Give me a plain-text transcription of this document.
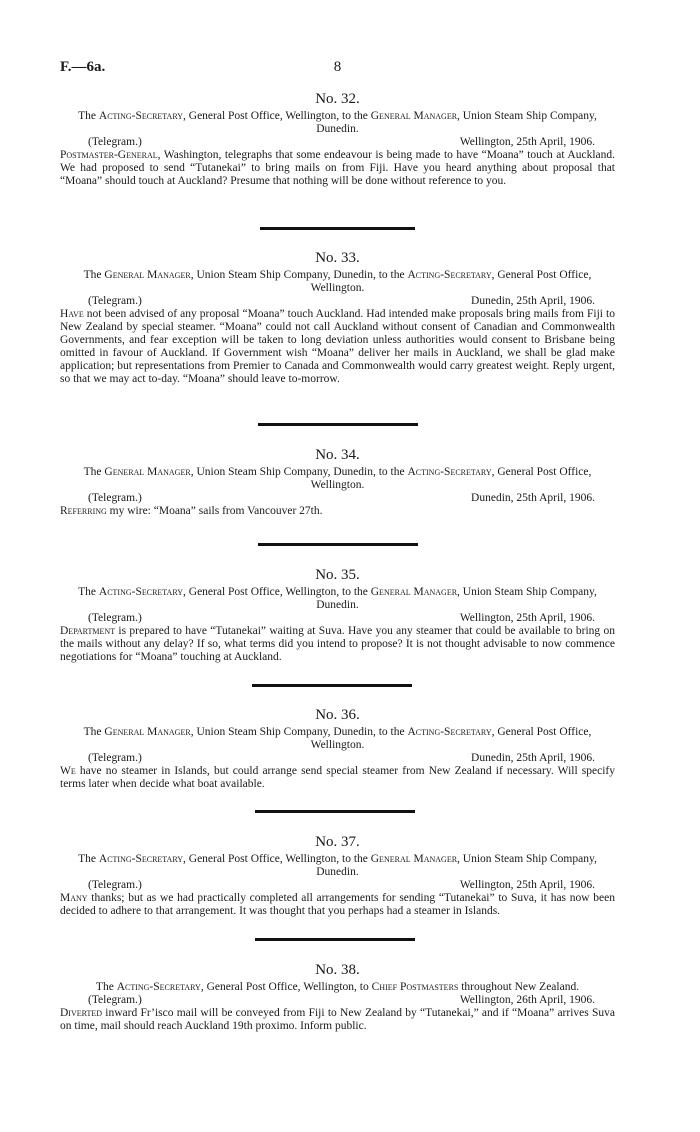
F.—6a.	8
No. 32.
The Acting-Secretary, General Post Office, Wellington, to the General Manager, Union Steam Ship Company, Dunedin.
(Telegram.)	Wellington, 25th April, 1906.
Postmaster-General, Washington, telegraphs that some endeavour is being made to have “Moana” touch at Auckland. We had proposed to send “Tutanekai” to bring mails on from Fiji. Have you heard anything about proposal that “Moana” should touch at Auckland? Presume that nothing will be done without reference to you.
No. 33.
The General Manager, Union Steam Ship Company, Dunedin, to the Acting-Secretary, General Post Office, Wellington.
(Telegram.)	Dunedin, 25th April, 1906.
Have not been advised of any proposal “Moana” touch Auckland. Had intended make proposals bring mails from Fiji to New Zealand by special steamer. “Moana” could not call Auckland without consent of Canadian and Commonwealth Governments, and fear exception will be taken to long deviation unless authorities would consent to Brisbane being omitted in favour of Auckland. If Government wish “Moana” deliver her mails in Auckland, we shall be glad make application; but representations from Premier to Canada and Commonwealth would carry greatest weight. Reply urgent, so that we may act to-day. “Moana” should leave to-morrow.
No. 34.
The General Manager, Union Steam Ship Company, Dunedin, to the Acting-Secretary, General Post Office, Wellington.
(Telegram.)	Dunedin, 25th April, 1906.
Referring my wire: “Moana” sails from Vancouver 27th.
No. 35.
The Acting-Secretary, General Post Office, Wellington, to the General Manager, Union Steam Ship Company, Dunedin.
(Telegram.)	Wellington, 25th April, 1906.
Department is prepared to have “Tutanekai” waiting at Suva. Have you any steamer that could be available to bring on the mails without any delay? If so, what terms did you intend to propose? It is not thought advisable to now commence negotiations for “Moana” touching at Auckland.
No. 36.
The General Manager, Union Steam Ship Company, Dunedin, to the Acting-Secretary, General Post Office, Wellington.
(Telegram.)	Dunedin, 25th April, 1906.
We have no steamer in Islands, but could arrange send special steamer from New Zealand if necessary. Will specify terms later when decide what boat available.
No. 37.
The Acting-Secretary, General Post Office, Wellington, to the General Manager, Union Steam Ship Company, Dunedin.
(Telegram.)	Wellington, 25th April, 1906.
Many thanks; but as we had practically completed all arrangements for sending “Tutanekai” to Suva, it has now been decided to adhere to that arrangement. It was thought that you perhaps had a steamer in Islands.
No. 38.
The Acting-Secretary, General Post Office, Wellington, to Chief Postmasters throughout New Zealand.
(Telegram.)	Wellington, 26th April, 1906.
Diverted inward Fr’isco mail will be conveyed from Fiji to New Zealand by “Tutanekai,” and if “Moana” arrives Suva on time, mail should reach Auckland 19th proximo. Inform public.
